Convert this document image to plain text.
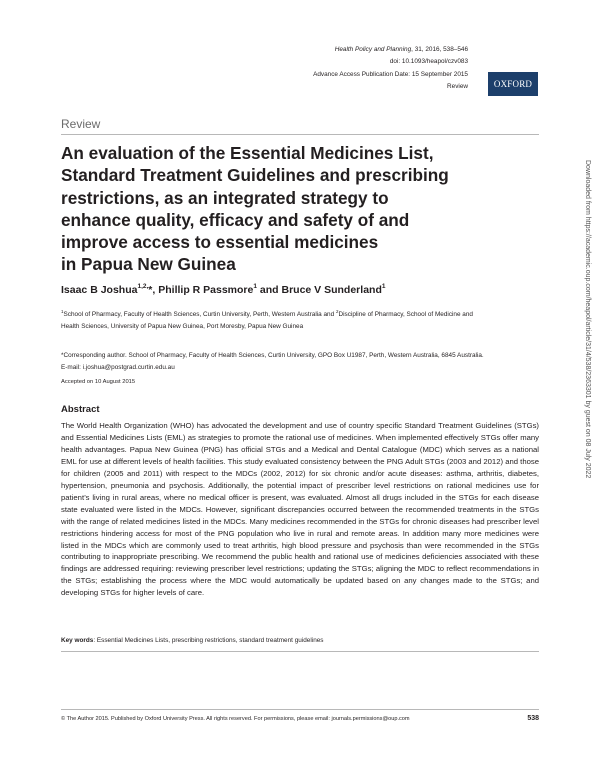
Health Policy and Planning, 31, 2016, 538–546
doi: 10.1093/heapol/czv083
Advance Access Publication Date: 15 September 2015
Review	OXFORD
Review
An evaluation of the Essential Medicines List,
Standard Treatment Guidelines and prescribing
restrictions, as an integrated strategy to
enhance quality, efficacy and safety of and
improve access to essential medicines
in Papua New Guinea
Isaac B Joshua$^{1,2,}$*, Phillip R Passmore$^1$ and Bruce V Sunderland$^1$
$^1$School of Pharmacy, Faculty of Health Sciences, Curtin University, Perth, Western Australia and $^2$Discipline of Pharmacy, School of Medicine and Health Sciences, University of Papua New Guinea, Port Moresby, Papua New Guinea
*Corresponding author. School of Pharmacy, Faculty of Health Sciences, Curtin University, GPO Box U1987, Perth, Western Australia, 6845 Australia. E-mail: i.joshua@postgrad.curtin.edu.au
Accepted on 10 August 2015
Abstract

The World Health Organization (WHO) has advocated the development and use of country specific Standard Treatment Guidelines (STGs) and Essential Medicines Lists (EML) as strategies to promote the rational use of medicines. When implemented effectively STGs offer many health advantages. Papua New Guinea (PNG) has official STGs and a Medical and Dental Catalogue (MDC) which serves as a national EML for use at different levels of health facilities. This study evaluated consistency between the PNG Adult STGs (2003 and 2012) and those for children (2005 and 2011) with respect to the MDCs (2002, 2012) for six chronic and/or acute diseases: asthma, arthritis, diabetes, hypertension, pneumonia and psychosis. Additionally, the potential impact of prescriber level restrictions on rational medicines use for patient’s living in rural areas, where no medical officer is present, was evaluated. Almost all drugs included in the STGs for each disease state evaluated were listed in the MDCs. However, significant discrepancies occurred between the recommended treatments in the STGs with the range of related medicines listed in the MDCs. Many medicines recommended in the STGs for chronic diseases had prescriber level restrictions hindering access for most of the PNG population who live in rural and remote areas. In addition many more medicines were listed in the MDCs which are commonly used to treat arthritis, high blood pressure and psychosis than were recommended in the STGs contributing to inappropriate prescribing. We recommend the public health and rational use of medicines deficiencies associated with these findings are addressed requiring: reviewing prescriber level restrictions; updating the STGs; aligning the MDC to reflect recommendations in the STGs; establishing the process where the MDC would automatically be updated based on any changes made to the STGs; and developing STGs for higher levels of care.

Key words: Essential Medicines Lists, prescribing restrictions, standard treatment guidelines
© The Author 2015. Published by Oxford University Press. All rights reserved. For permissions, please email: journals.permissions@oup.com	538
Downloaded from https://academic.oup.com/heapol/article/31/4/538/2363301 by guest on 08 July 2022
